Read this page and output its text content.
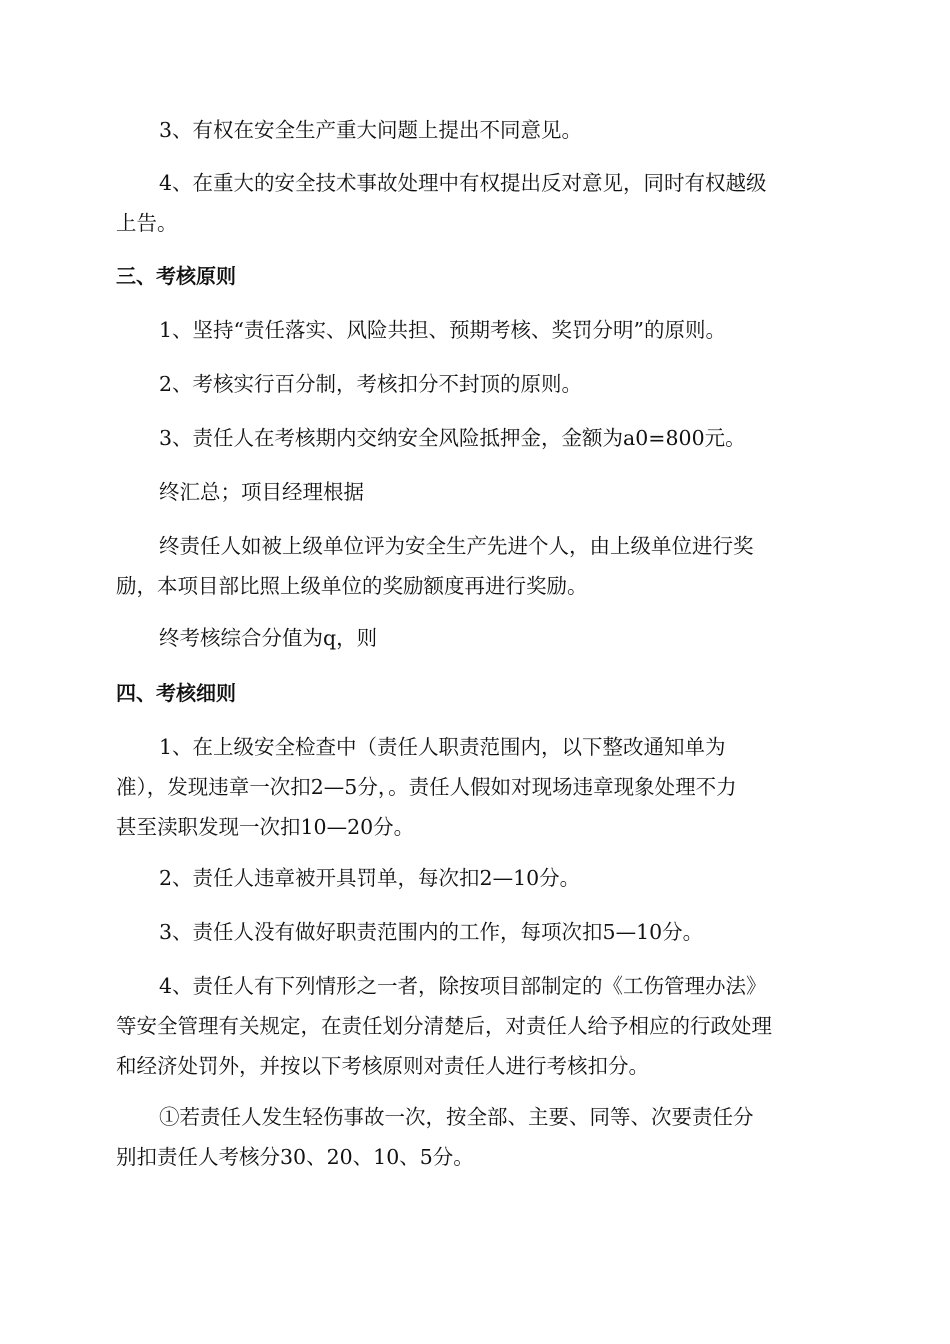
3、有权在安全生产重大问题上提出不同意见。
4、在重大的安全技术事故处理中有权提出反对意见，同时有权越级
上告。
三、考核原则
1、坚持“责任落实、风险共担、预期考核、奖罚分明”的原则。
2、考核实行百分制，考核扣分不封顶的原则。
3、责任人在考核期内交纳安全风险抵押金，金额为a0=800元。
终汇总；项目经理根据
终责任人如被上级单位评为安全生产先进个人，由上级单位进行奖
励，本项目部比照上级单位的奖励额度再进行奖励。
终考核综合分值为q，则
四、考核细则
1、在上级安全检查中（责任人职责范围内，以下整改通知单为
准），发现违章一次扣2—5分，。责任人假如对现场违章现象处理不力
甚至渎职发现一次扣10—20分。
2、责任人违章被开具罚单，每次扣2—10分。
3、责任人没有做好职责范围内的工作，每项次扣5—10分。
4、责任人有下列情形之一者，除按项目部制定的《工伤管理办法》
等安全管理有关规定，在责任划分清楚后，对责任人给予相应的行政处理
和经济处罚外，并按以下考核原则对责任人进行考核扣分。
①若责任人发生轻伤事故一次，按全部、主要、同等、次要责任分
别扣责任人考核分30、20、10、5分。
